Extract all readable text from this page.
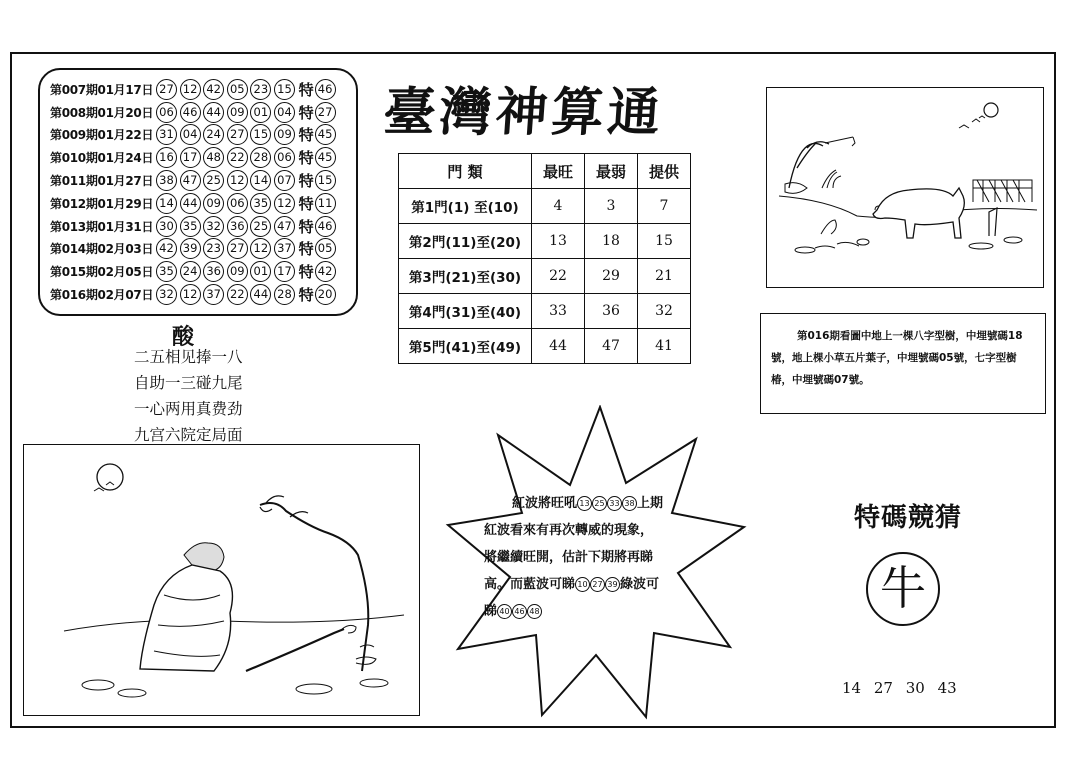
第007期01月17日 27 12 42 05 23 15 特 46
第008期01月20日 06 46 44 09 01 04 特 27
第009期01月22日 31 04 24 27 15 09 特 45
第010期01月24日 16 17 48 22 28 06 特 45
第011期01月27日 38 47 25 12 14 07 特 15
第012期01月29日 14 44 09 06 35 12 特 11
第013期01月31日 30 35 32 36 25 47 特 46
第014期02月03日 42 39 23 27 12 37 特 05
第015期02月05日 35 24 36 09 01 17 特 42
第016期02月07日 32 12 37 22 44 28 特 20
酸
二五相见捧一八
自助一三碰九尾
一心两用真费劲
九宫六院定局面
臺灣神算通
門 類	最旺	最弱	提供
第1門(1) 至(10)	4	3	7
第2門(11)至(20)	13	18	15
第3門(21)至(30)	22	29	21
第4門(31)至(40)	33	36	32
第5門(41)至(49)	44	47	41
第016期看圖中地上一棵八字型樹，中埋號碼18號，地上棵小草五片葉子，中埋號碼05號，七字型樹椿，中埋號碼07號。
紅波將旺吼 13 25 33 38 上期
紅波看來有再次轉威的現象，
將繼續旺開，估計下期將再睇
高。而藍波可睇 10 27 39 綠波可
睇 40 46 48
特碼競猜
牛
14 27 30 43
